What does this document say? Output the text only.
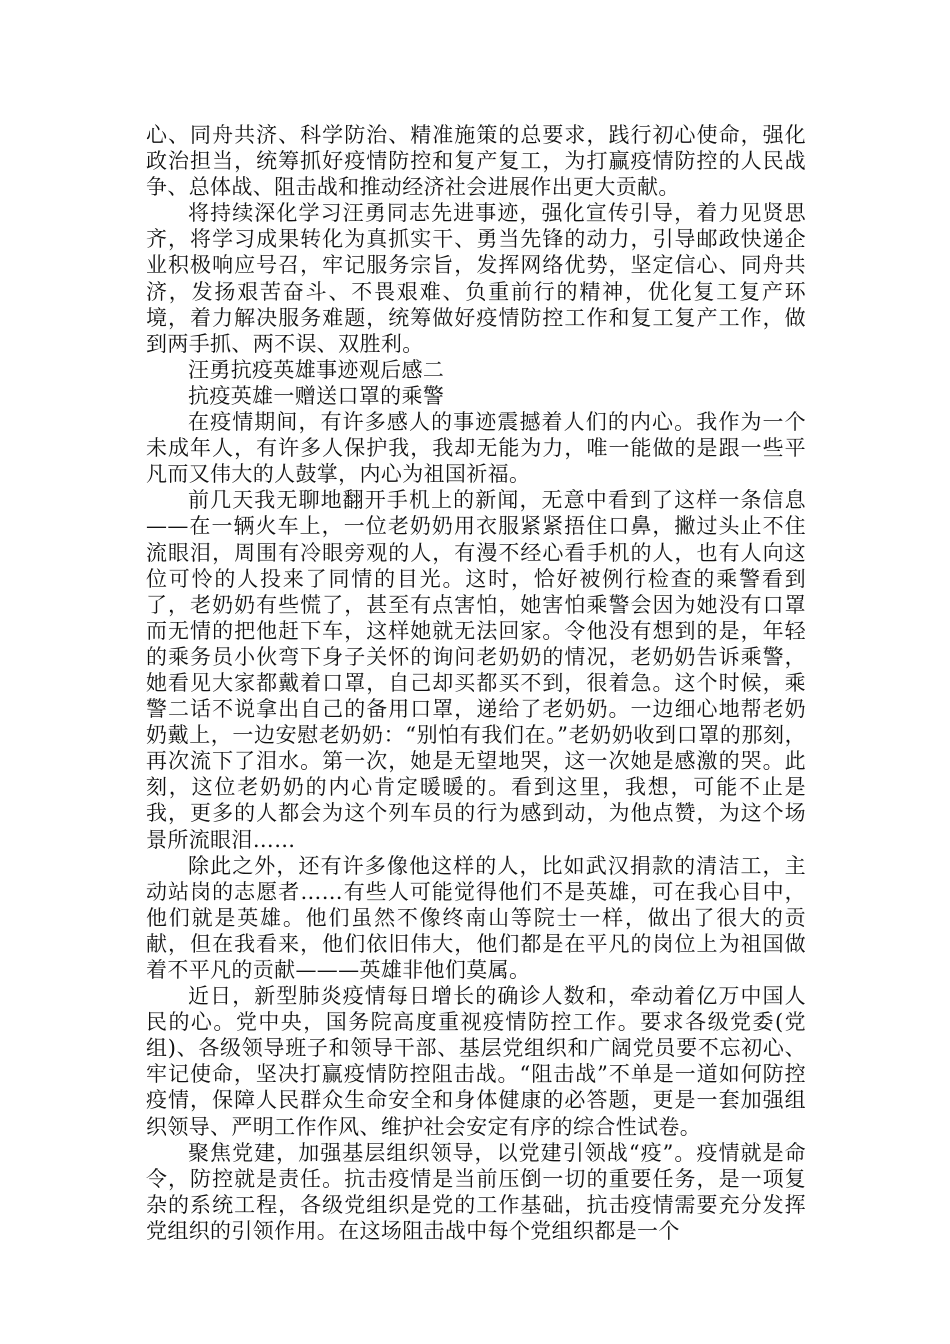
心、同舟共济、科学防治、精准施策的总要求，践行初心使命，强化政治担当，统筹抓好疫情防控和复产复工，为打赢疫情防控的人民战争、总体战、阻击战和推动经济社会进展作出更大贡献。

将持续深化学习汪勇同志先进事迹，强化宣传引导，着力见贤思齐，将学习成果转化为真抓实干、勇当先锋的动力，引导邮政快递企业积极响应号召，牢记服务宗旨，发挥网络优势，坚定信心、同舟共济，发扬艰苦奋斗、不畏艰难、负重前行的精神，优化复工复产环境，着力解决服务难题，统筹做好疫情防控工作和复工复产工作，做到两手抓、两不误、双胜利。

汪勇抗疫英雄事迹观后感二

抗疫英雄一赠送口罩的乘警

在疫情期间，有许多感人的事迹震撼着人们的内心。我作为一个未成年人，有许多人保护我，我却无能为力，唯一能做的是跟一些平凡而又伟大的人鼓掌，内心为祖国祈福。

前几天我无聊地翻开手机上的新闻，无意中看到了这样一条信息——在一辆火车上，一位老奶奶用衣服紧紧捂住口鼻，撇过头止不住流眼泪，周围有冷眼旁观的人，有漫不经心看手机的人，也有人向这位可怜的人投来了同情的目光。这时，恰好被例行检查的乘警看到了，老奶奶有些慌了，甚至有点害怕，她害怕乘警会因为她没有口罩而无情的把他赶下车，这样她就无法回家。令他没有想到的是，年轻的乘务员小伙弯下身子关怀的询问老奶奶的情况，老奶奶告诉乘警，她看见大家都戴着口罩，自己却买都买不到，很着急。这个时候，乘警二话不说拿出自己的备用口罩，递给了老奶奶。一边细心地帮老奶奶戴上，一边安慰老奶奶：“别怕有我们在。”老奶奶收到口罩的那刻，再次流下了泪水。第一次，她是无望地哭，这一次她是感激的哭。此刻，这位老奶奶的内心肯定暖暖的。看到这里，我想，可能不止是我，更多的人都会为这个列车员的行为感到动，为他点赞，为这个场景所流眼泪……

除此之外，还有许多像他这样的人，比如武汉捐款的清洁工，主动站岗的志愿者……有些人可能觉得他们不是英雄，可在我心目中，他们就是英雄。他们虽然不像终南山等院士一样，做出了很大的贡献，但在我看来，他们依旧伟大，他们都是在平凡的岗位上为祖国做着不平凡的贡献———英雄非他们莫属。

近日，新型肺炎疫情每日增长的确诊人数和，牵动着亿万中国人民的心。党中央，国务院高度重视疫情防控工作。要求各级党委(党组)、各级领导班子和领导干部、基层党组织和广阔党员要不忘初心、牢记使命，坚决打赢疫情防控阻击战。“阻击战”不单是一道如何防控疫情，保障人民群众生命安全和身体健康的必答题，更是一套加强组织领导、严明工作作风、维护社会安定有序的综合性试卷。

聚焦党建，加强基层组织领导，以党建引领战“疫”。疫情就是命令，防控就是责任。抗击疫情是当前压倒一切的重要任务，是一项复杂的系统工程，各级党组织是党的工作基础，抗击疫情需要充分发挥党组织的引领作用。在这场阻击战中每个党组织都是一个
